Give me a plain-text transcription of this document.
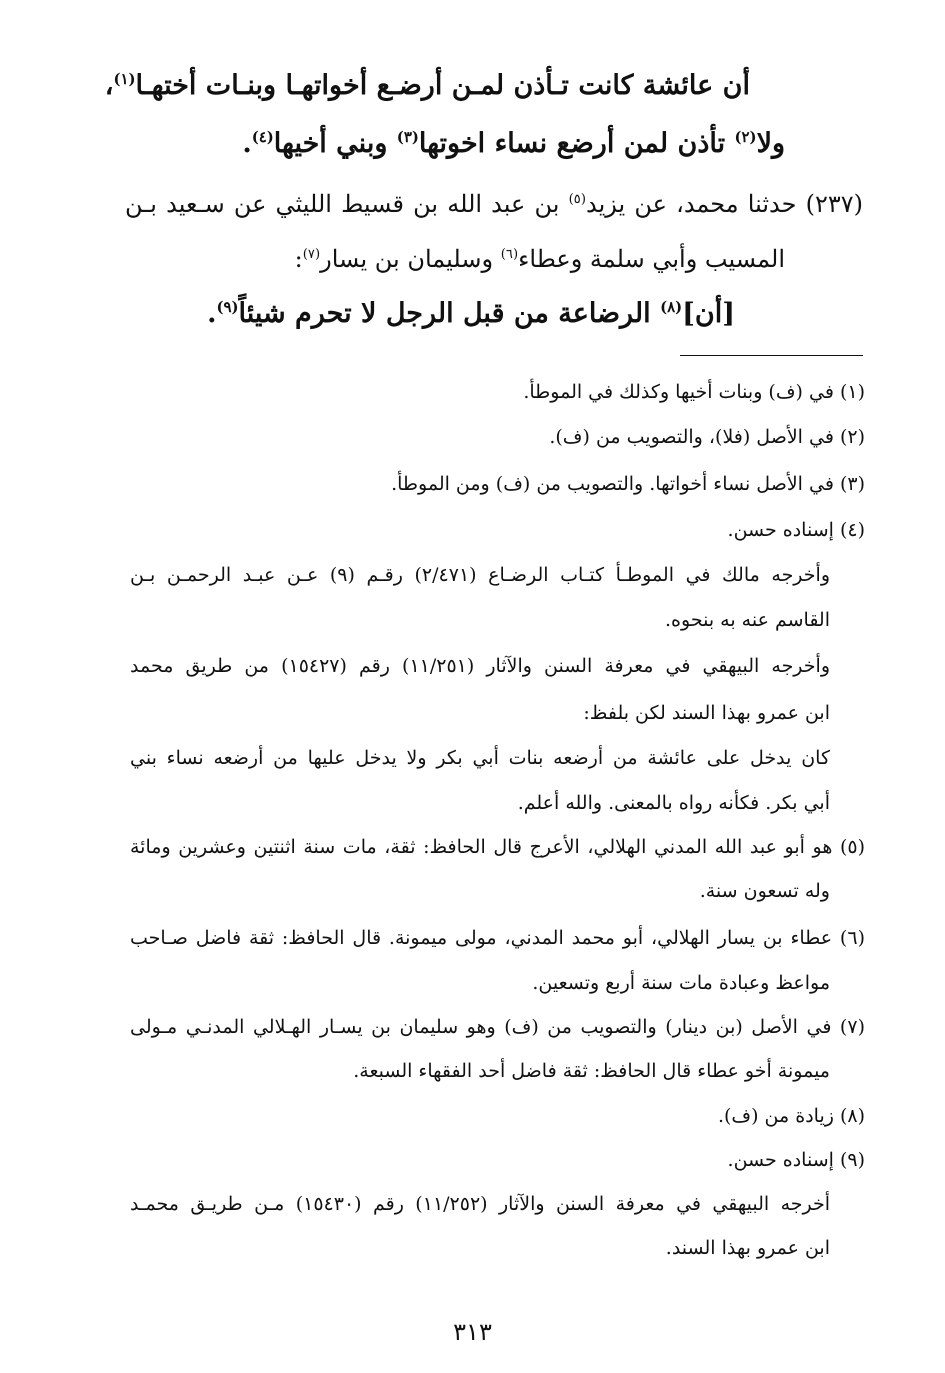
أن عائشة كانت تـأذن لمـن أرضـع أخواتهـا وبنـات أختهـا$^{(١)}$،
ولا$^{(٢)}$ تأذن لمن أرضع نساء اخوتها$^{(٣)}$ وبني أخيها$^{(٤)}$.
(٢٣٧) حدثنا محمد، عن يزيد$^{(٥)}$ بن عبد الله بن قسيط الليثي عن سـعيد بـن
المسيب وأبي سلمة وعطاء$^{(٦)}$ وسليمان بن يسار$^{(٧)}$:
[أن]$^{(٨)}$ الرضاعة من قبل الرجل لا تحرم شيئاً$^{(٩)}$.
(١) في (ف) وبنات أخيها وكذلك في الموطأ.
(٢) في الأصل (فلا)، والتصويب من (ف).
(٣) في الأصل نساء أخواتها. والتصويب من (ف) ومن الموطأ.
(٤) إسناده حسن.
وأخرجه مالك في الموطـأ كتـاب الرضـاع (٢/٤٧١) رقـم (٩) عـن عبـد الرحمـن بـن
القاسم عنه به بنحوه.
وأخرجه البيهقي في معرفة السنن والآثار (١١/٢٥١) رقم (١٥٤٢٧) من طريق محمد
ابن عمرو بهذا السند لكن بلفظ:
كان يدخل على عائشة من أرضعه بنات أبي بكر ولا يدخل عليها من أرضعه نساء بني
أبي بكر. فكأنه رواه بالمعنى. والله أعلم.
(٥) هو أبو عبد الله المدني الهلالي، الأعرج قال الحافظ: ثقة، مات سنة اثنتين وعشرين ومائة
وله تسعون سنة.
(٦) عطاء بن يسار الهلالي، أبو محمد المدني، مولى ميمونة. قال الحافظ: ثقة فاضل صـاحب
مواعظ وعبادة مات سنة أربع وتسعين.
(٧) في الأصل (بن دينار) والتصويب من (ف) وهو سليمان بن يسـار الهـلالي المدنـي مـولى
ميمونة أخو عطاء قال الحافظ: ثقة فاضل أحد الفقهاء السبعة.
(٨) زيادة من (ف).
(٩) إسناده حسن.
أخرجه البيهقي في معرفة السنن والآثار (١١/٢٥٢) رقم (١٥٤٣٠) مـن طريـق محمـد
ابن عمرو بهذا السند.
٣١٣
